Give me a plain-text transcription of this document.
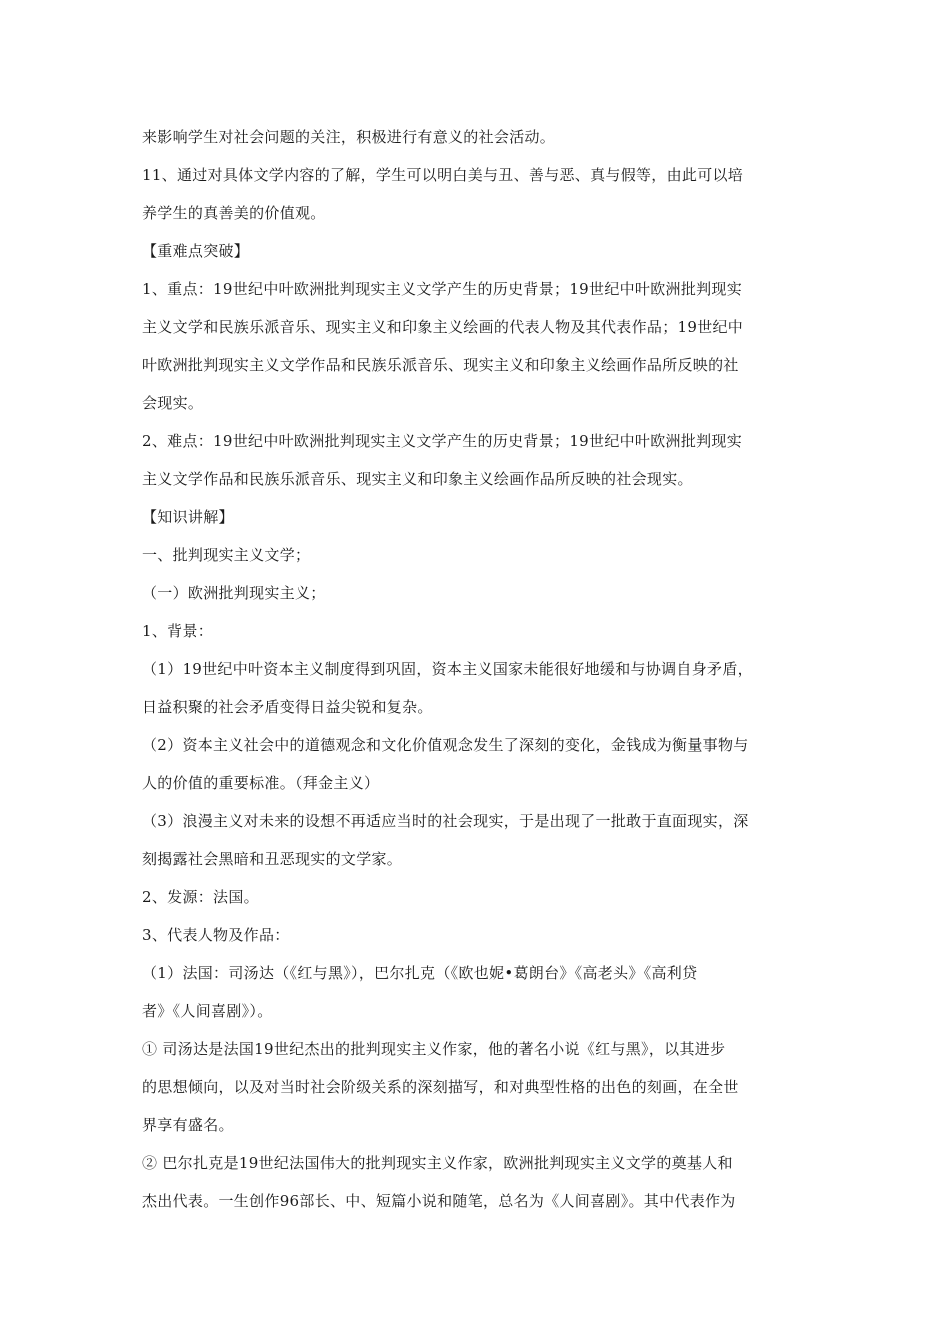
来影响学生对社会问题的关注，积极进行有意义的社会活动。
11、通过对具体文学内容的了解，学生可以明白美与丑、善与恶、真与假等，由此可以培
养学生的真善美的价值观。
【重难点突破】
1、重点：19世纪中叶欧洲批判现实主义文学产生的历史背景；19世纪中叶欧洲批判现实
主义文学和民族乐派音乐、现实主义和印象主义绘画的代表人物及其代表作品；19世纪中
叶欧洲批判现实主义文学作品和民族乐派音乐、现实主义和印象主义绘画作品所反映的社
会现实。
2、难点：19世纪中叶欧洲批判现实主义文学产生的历史背景；19世纪中叶欧洲批判现实
主义文学作品和民族乐派音乐、现实主义和印象主义绘画作品所反映的社会现实。
【知识讲解】
一、批判现实主义文学；
（一）欧洲批判现实主义；
1、背景：
（1）19世纪中叶资本主义制度得到巩固，资本主义国家未能很好地缓和与协调自身矛盾，
日益积聚的社会矛盾变得日益尖锐和复杂。
（2）资本主义社会中的道德观念和文化价值观念发生了深刻的变化，金钱成为衡量事物与
人的价值的重要标准。（拜金主义）
（3）浪漫主义对未来的设想不再适应当时的社会现实，于是出现了一批敢于直面现实，深
刻揭露社会黑暗和丑恶现实的文学家。
2、发源：法国。
3、代表人物及作品：
（1）法国：司汤达（《红与黑》），巴尔扎克（《欧也妮•葛朗台》《高老头》《高利贷
者》《人间喜剧》）。
① 司汤达是法国19世纪杰出的批判现实主义作家，他的著名小说《红与黑》，以其进步
的思想倾向，以及对当时社会阶级关系的深刻描写，和对典型性格的出色的刻画，在全世
界享有盛名。
② 巴尔扎克是19世纪法国伟大的批判现实主义作家，欧洲批判现实主义文学的奠基人和
杰出代表。一生创作96部长、中、短篇小说和随笔，总名为《人间喜剧》。其中代表作为
